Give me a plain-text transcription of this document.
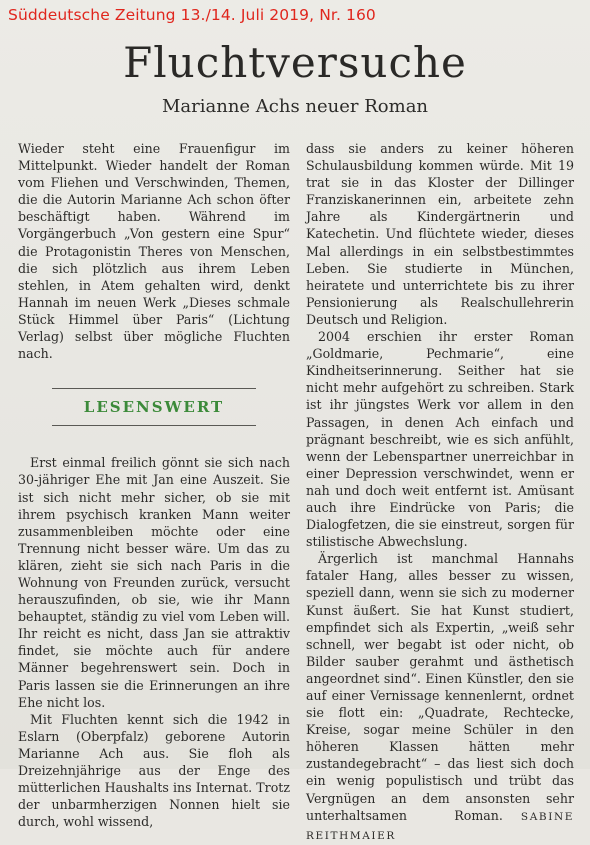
Süddeutsche Zeitung 13./14. Juli 2019, Nr. 160
Fluchtversuche
Marianne Achs neuer Roman

Wieder steht eine Frauenfigur im Mittelpunkt. Wieder handelt der Roman vom Fliehen und Verschwinden, Themen, die die Autorin Marianne Ach schon öfter beschäftigt haben. Während im Vorgängerbuch „Von gestern eine Spur“ die Protagonistin Theres von Menschen, die sich plötzlich aus ihrem Leben stehlen, in Atem gehalten wird, denkt Hannah im neuen Werk „Dieses schmale Stück Himmel über Paris“ (Lichtung Verlag) selbst über mögliche Fluchten nach.

LESENSWERT

Erst einmal freilich gönnt sie sich nach 30-jähriger Ehe mit Jan eine Auszeit. Sie ist sich nicht mehr sicher, ob sie mit ihrem psychisch kranken Mann weiter zusammenbleiben möchte oder eine Trennung nicht besser wäre. Um das zu klären, zieht sie sich nach Paris in die Wohnung von Freunden zurück, versucht herauszufinden, ob sie, wie ihr Mann behauptet, ständig zu viel vom Leben will. Ihr reicht es nicht, dass Jan sie attraktiv findet, sie möchte auch für andere Männer begehrenswert sein. Doch in Paris lassen sie die Erinnerungen an ihre Ehe nicht los.

Mit Fluchten kennt sich die 1942 in Eslarn (Oberpfalz) geborene Autorin Marianne Ach aus. Sie floh als Dreizehnjährige aus der Enge des mütterlichen Haushalts ins Internat. Trotz der unbarmherzigen Nonnen hielt sie durch, wohl wissend,

dass sie anders zu keiner höheren Schulausbildung kommen würde. Mit 19 trat sie in das Kloster der Dillinger Franziskanerinnen ein, arbeitete zehn Jahre als Kindergärtnerin und Katechetin. Und flüchtete wieder, dieses Mal allerdings in ein selbstbestimmtes Leben. Sie studierte in München, heiratete und unterrichtete bis zu ihrer Pensionierung als Realschullehrerin Deutsch und Religion.

2004 erschien ihr erster Roman „Goldmarie, Pechmarie“, eine Kindheitserinnerung. Seither hat sie nicht mehr aufgehört zu schreiben. Stark ist ihr jüngstes Werk vor allem in den Passagen, in denen Ach einfach und prägnant beschreibt, wie es sich anfühlt, wenn der Lebenspartner unerreichbar in einer Depression verschwindet, wenn er nah und doch weit entfernt ist. Amüsant auch ihre Eindrücke von Paris; die Dialogfetzen, die sie einstreut, sorgen für stilistische Abwechslung.

Ärgerlich ist manchmal Hannahs fataler Hang, alles besser zu wissen, speziell dann, wenn sie sich zu moderner Kunst äußert. Sie hat Kunst studiert, empfindet sich als Expertin, „weiß sehr schnell, wer begabt ist oder nicht, ob Bilder sauber gerahmt und ästhetisch angeordnet sind“. Einen Künstler, den sie auf einer Vernissage kennenlernt, ordnet sie flott ein: „Quadrate, Rechtecke, Kreise, sogar meine Schüler in den höheren Klassen hätten mehr zustandegebracht“ – das liest sich doch ein wenig populistisch und trübt das Vergnügen an dem ansonsten sehr unterhaltsamen Roman. SABINE REITHMAIER
